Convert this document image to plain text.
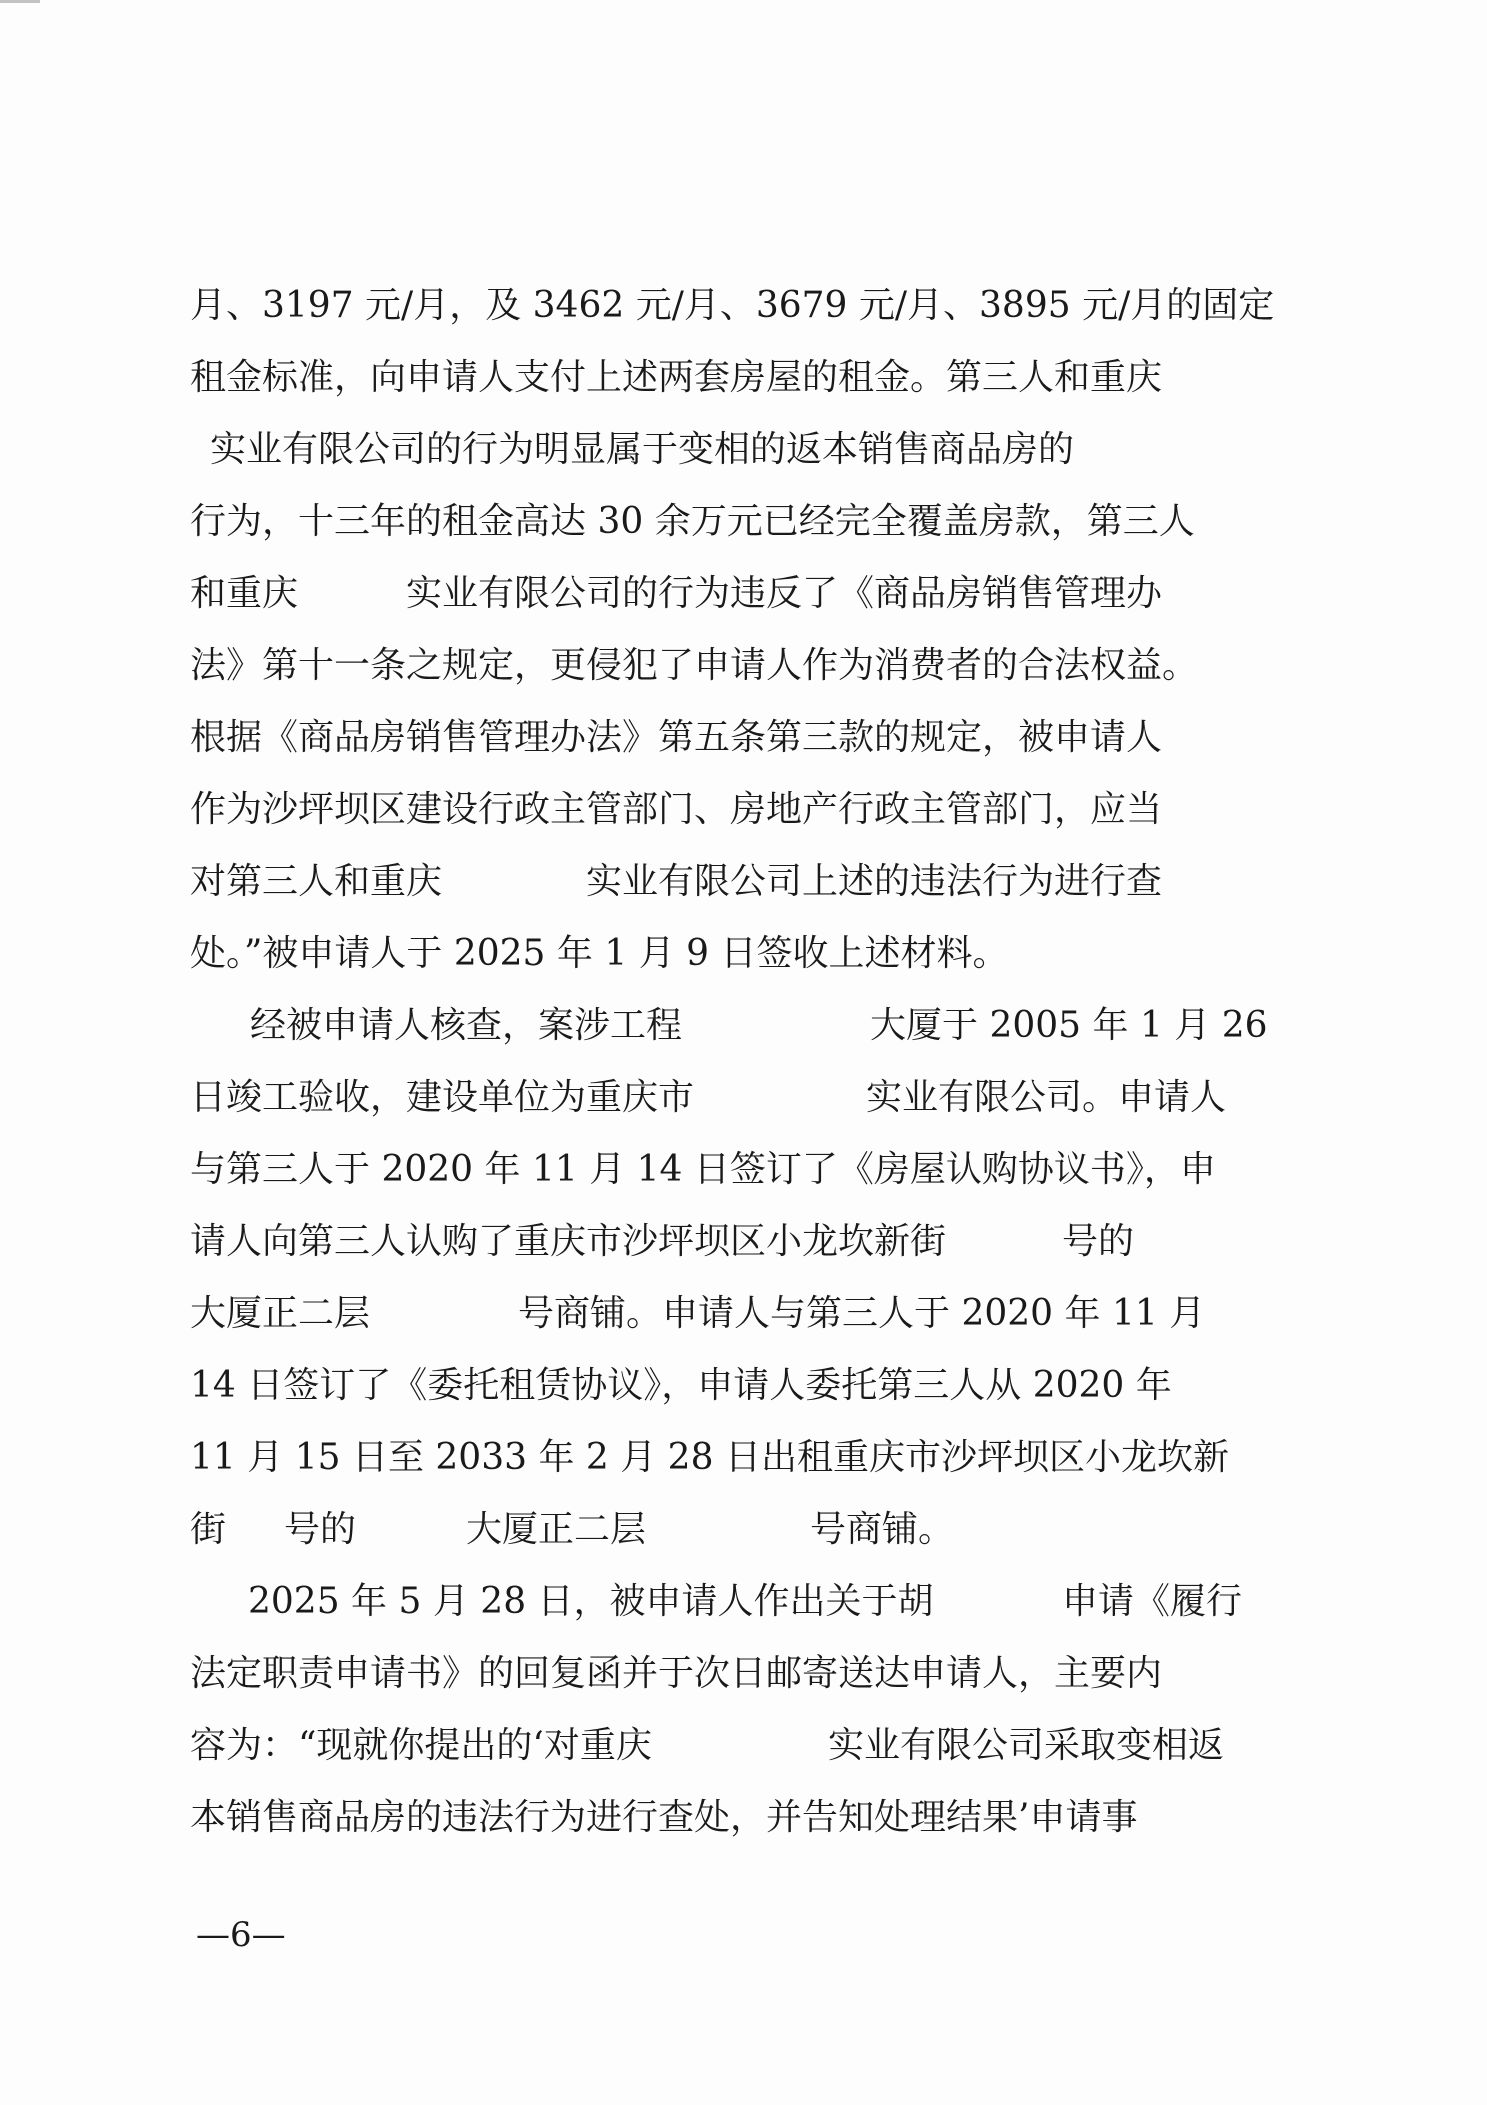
月、3197 元/月，及 3462 元/月、3679 元/月、3895 元/月的固定
租金标准，向申请人支付上述两套房屋的租金。第三人和重庆
实业有限公司的行为明显属于变相的返本销售商品房的
行为，十三年的租金高达 30 余万元已经完全覆盖房款，第三人
和重庆	实业有限公司的行为违反了《商品房销售管理办
法》第十一条之规定，更侵犯了申请人作为消费者的合法权益。
根据《商品房销售管理办法》第五条第三款的规定，被申请人
作为沙坪坝区建设行政主管部门、房地产行政主管部门，应当
对第三人和重庆	实业有限公司上述的违法行为进行查
处。”被申请人于 2025 年 1 月 9 日签收上述材料。
经被申请人核查，案涉工程	大厦于 2005 年 1 月 26
日竣工验收，建设单位为重庆市	实业有限公司。申请人
与第三人于 2020 年 11 月 14 日签订了《房屋认购协议书》，申
请人向第三人认购了重庆市沙坪坝区小龙坎新街	号的
大厦正二层	号商铺。申请人与第三人于 2020 年 11 月
14 日签订了《委托租赁协议》，申请人委托第三人从 2020 年
11 月 15 日至 2033 年 2 月 28 日出租重庆市沙坪坝区小龙坎新
街 号的	大厦正二层	号商铺。
2025 年 5 月 28 日，被申请人作出关于胡	申请《履行
法定职责申请书》的回复函并于次日邮寄送达申请人，主要内
容为：“现就你提出的‘对重庆	实业有限公司采取变相返
本销售商品房的违法行为进行查处，并告知处理结果’申请事
—6—
